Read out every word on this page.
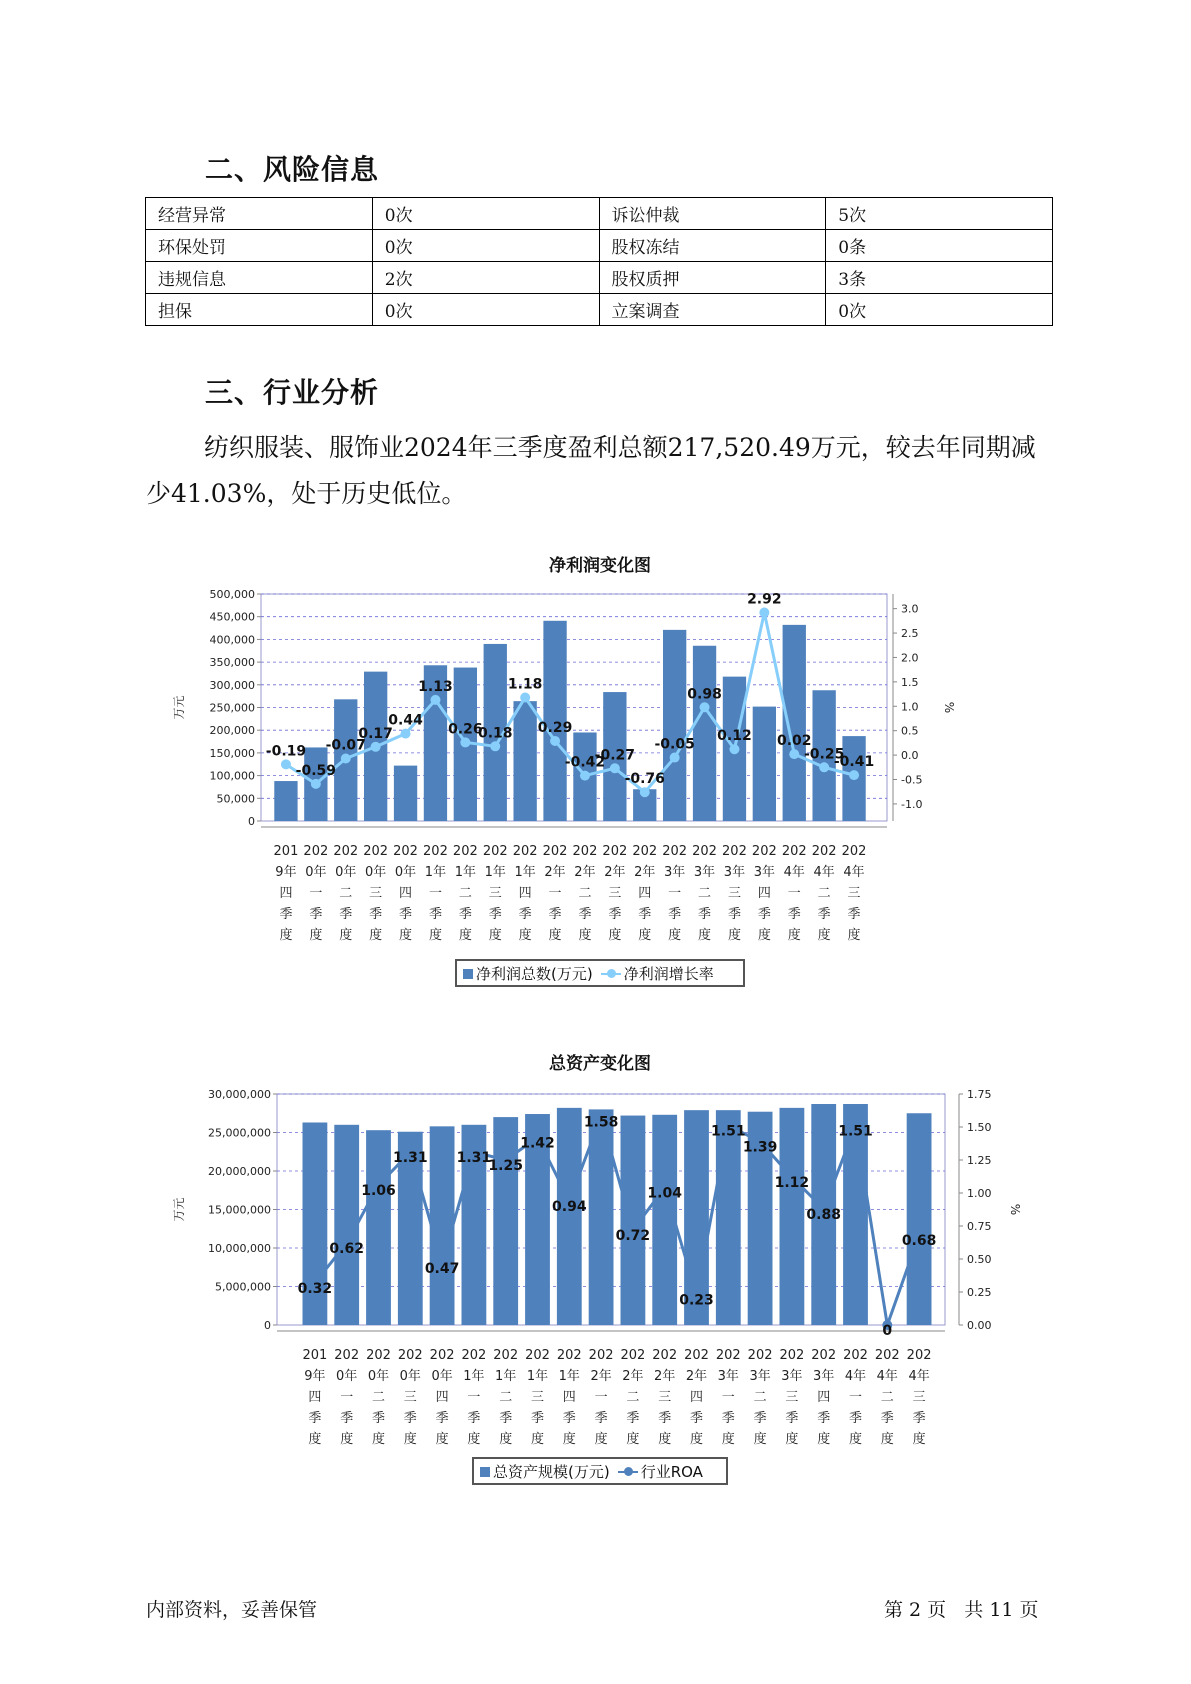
二、风险信息
经营异常	0次	诉讼仲裁	5次
环保处罚	0次	股权冻结	0条
违规信息	2次	股权质押	3条
担保	0次	立案调查	0次
三、行业分析
纺织服装、服饰业2024年三季度盈利总额217,520.49万元，较去年同期减少41.03%，处于历史低位。
净利润变化图
0
50,000
100,000
150,000
200,000
250,000
300,000
350,000
400,000
450,000
500,000
万元
-1.0
-0.5
0.0
0.5
1.0
1.5
2.0
2.5
3.0
%
-0.19
-0.59
-0.07
0.17
0.44
1.13
0.26
0.18
1.18
0.29
-0.42
-0.27
-0.76
-0.05
0.98
0.12
2.92
0.02
-0.25
-0.41
201 9年四季度
202 0年一季度
202 0年二季度
202 0年三季度
202 0年四季度
202 1年一季度
202 1年二季度
202 1年三季度
202 1年四季度
202 2年一季度
202 2年二季度
202 2年三季度
202 2年四季度
202 3年一季度
202 3年二季度
202 3年三季度
202 3年四季度
202 4年一季度
202 4年二季度
202 4年三季度
净利润总数(万元)	净利润增长率
总资产变化图
0
5,000,000
10,000,000
15,000,000
20,000,000
25,000,000
30,000,000
万元
0.00
0.25
0.50
0.75
1.00
1.25
1.50
1.75
%
0.32
0.62
1.06
1.31
0.47
1.31
1.25
1.42
0.94
1.58
0.72
1.04
0.23
1.51
1.39
1.12
0.88
1.51
0
0.68
201 9年四季度
202 0年一季度
202 0年二季度
202 0年三季度
202 0年四季度
202 1年一季度
202 1年二季度
202 1年三季度
202 1年四季度
202 2年一季度
202 2年二季度
202 2年三季度
202 2年四季度
202 3年一季度
202 3年二季度
202 3年三季度
202 3年四季度
202 4年一季度
202 4年二季度
202 4年三季度
总资产规模(万元)	行业ROA
内部资料，妥善保管	第 2 页   共 11 页
